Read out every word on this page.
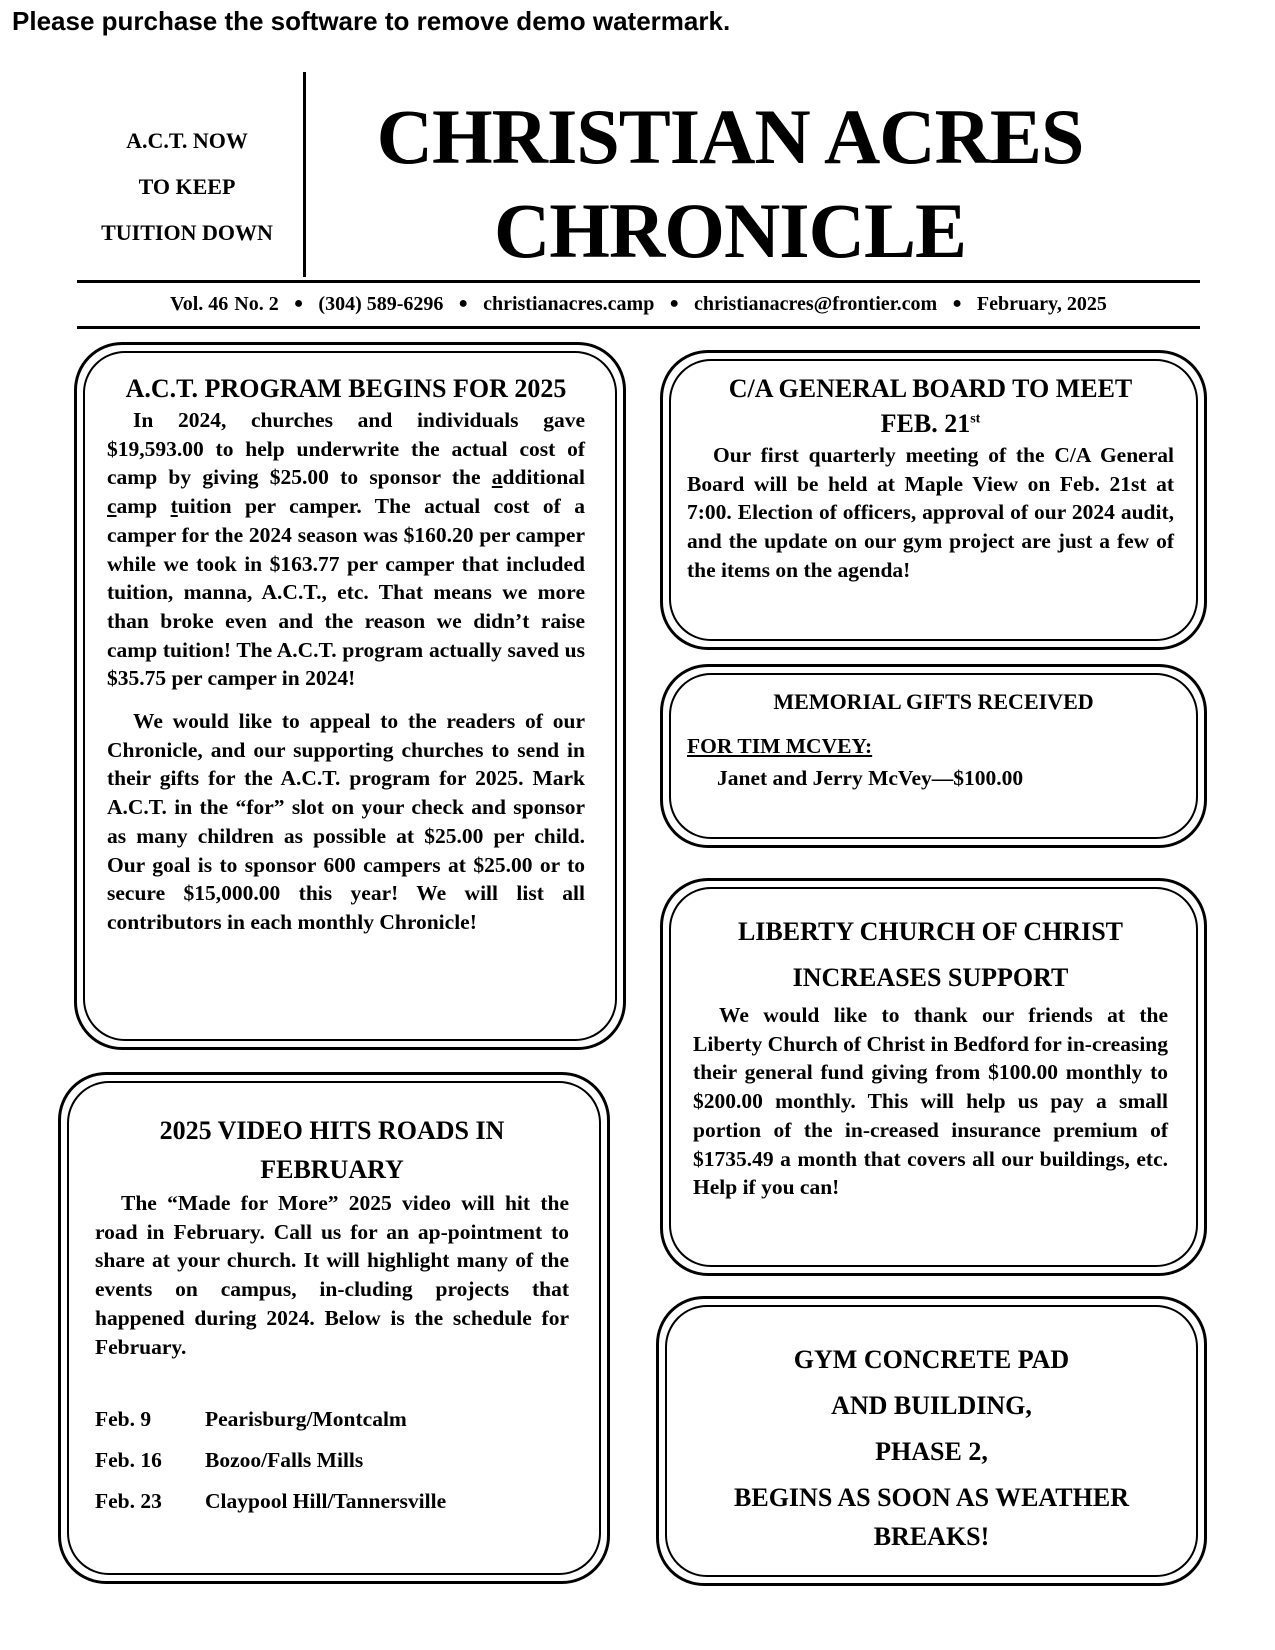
Please purchase the software to remove demo watermark.
A.C.T. NOW
TO KEEP
TUITION DOWN
CHRISTIAN ACRES
CHRONICLE
Vol. 46 No. 2 ● (304) 589-6296 ● christianacres.camp ● christianacres@frontier.com ● February, 2025
A.C.T. PROGRAM BEGINS FOR 2025

In 2024, churches and individuals gave $19,593.00 to help underwrite the actual cost of camp by giving $25.00 to sponsor the additional camp tuition per camper. The actual cost of a camper for the 2024 season was $160.20 per camper while we took in $163.77 per camper that included tuition, manna, A.C.T., etc. That means we more than broke even and the reason we didn’t raise camp tuition! The A.C.T. program actually saved us $35.75 per camper in 2024!

We would like to appeal to the readers of our Chronicle, and our supporting churches to send in their gifts for the A.C.T. program for 2025. Mark A.C.T. in the “for” slot on your check and sponsor as many children as possible at $25.00 per child. Our goal is to sponsor 600 campers at $25.00 or to secure $15,000.00 this year! We will list all contributors in each monthly Chronicle!

2025 VIDEO HITS ROADS IN
FEBRUARY

The “Made for More” 2025 video will hit the road in February. Call us for an ap-pointment to share at your church. It will highlight many of the events on campus, in-cluding projects that happened during 2024. Below is the schedule for February.

Feb. 9	Pearisburg/Montcalm
Feb. 16	Bozoo/Falls Mills
Feb. 23	Claypool Hill/Tannersville
C/A GENERAL BOARD TO MEET
FEB. 21st

Our first quarterly meeting of the C/A General Board will be held at Maple View on Feb. 21st at 7:00. Election of officers, approval of our 2024 audit, and the update on our gym project are just a few of the items on the agenda!

MEMORIAL GIFTS RECEIVED
FOR TIM MCVEY:
Janet and Jerry McVey—$100.00
LIBERTY CHURCH OF CHRIST
INCREASES SUPPORT

We would like to thank our friends at the Liberty Church of Christ in Bedford for in-creasing their general fund giving from $100.00 monthly to $200.00 monthly. This will help us pay a small portion of the in-creased insurance premium of $1735.49 a month that covers all our buildings, etc. Help if you can!

GYM CONCRETE PAD
AND BUILDING,
PHASE 2,
BEGINS AS SOON AS WEATHER
BREAKS!
